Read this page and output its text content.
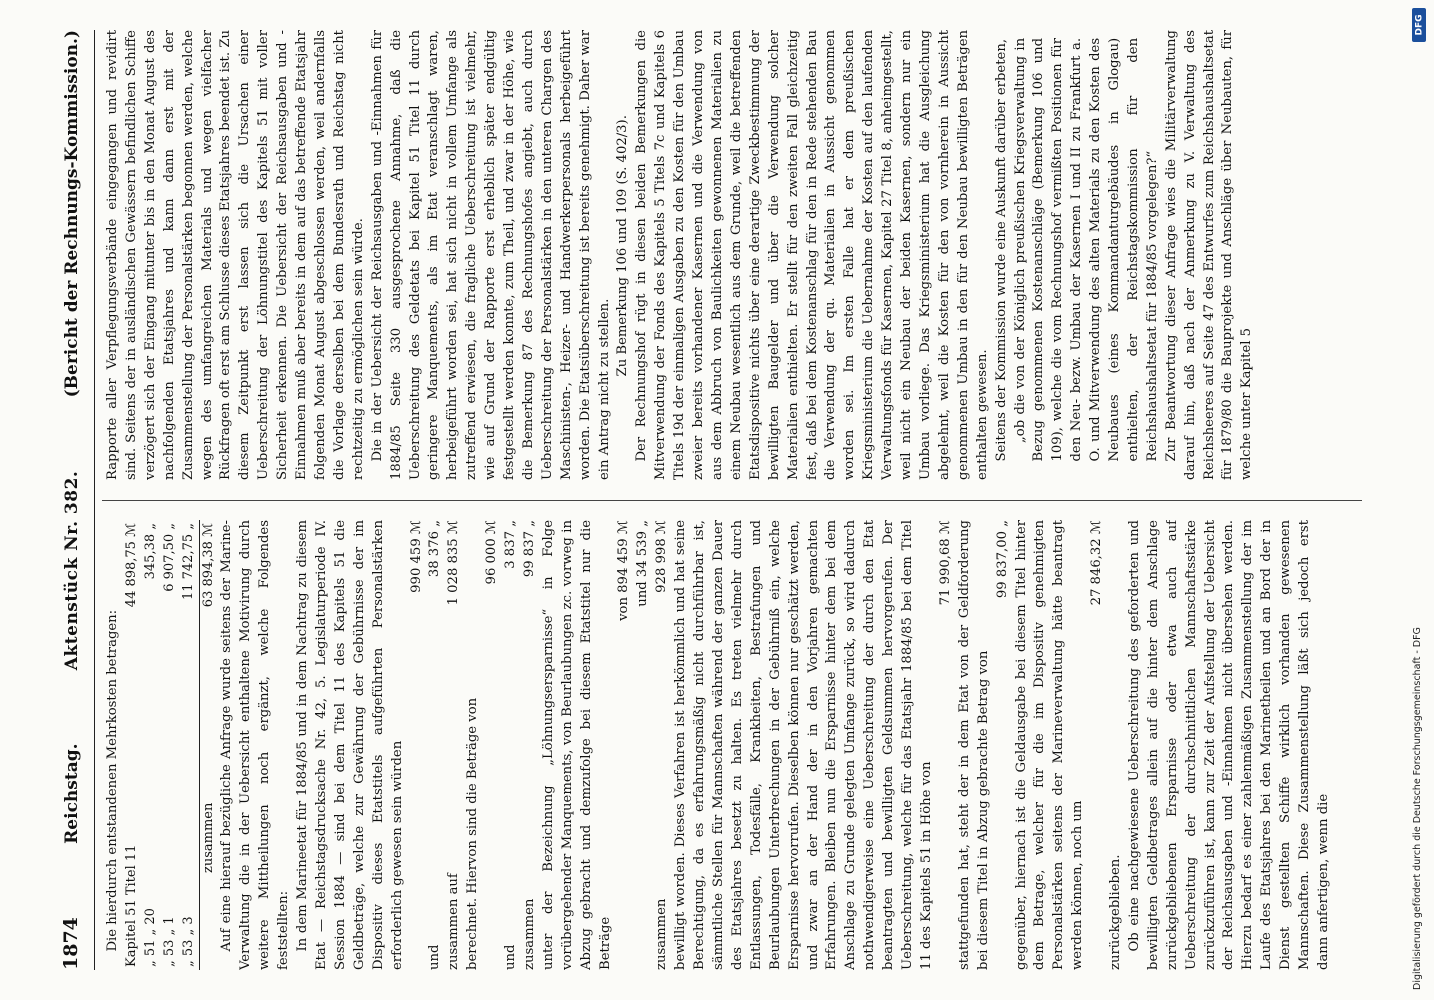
1874
Reichstag.
Aktenstück Nr. 382.
(Bericht der Rechnungs-Kommission.)

Die hierdurch entstandenen Mehrkosten betragen: Kapitel 51 Titel 11	44 898,75 ℳ
„ 51 „ 20	345,38 „
„ 53 „ 1	6 907,50 „
„ 53 „ 3	11 742,75 „
zusammen	63 894,38 ℳ Auf eine hierauf bezügliche Anfrage wurde seitens der Marine-Verwaltung die in der Uebersicht enthaltene Motivirung durch weitere Mittheilungen noch ergänzt, welche Folgendes feststellten: In dem Marineetat für 1884/85 und in dem Nachtrag zu diesem Etat — Reichstagsdrucksache Nr. 42, 5. Legislaturperiode IV. Session 1884 — sind bei dem Titel 11 des Kapitels 51 die Geldbeträge, welche zur Gewährung der Gebührnisse der im Dispositiv dieses Etatstitels aufgeführten Personalstärken erforderlich gewesen sein würden

990 459 ℳ
und
38 376 „
zusammen auf
1 028 835 ℳ

berechnet. Hiervon sind die Beträge von

96 000 ℳ
und
3 837 „
zusammen
99 837 „ unter der Bezeichnung „Löhnungsersparnisse“ in Folge vorübergehender Manquements, von Beurlaubungen zc. vorweg in Abzug gebracht und demzufolge bei diesem Etatstitel nur die Beträge

von 894 459 ℳ und 34 539 „
zusammen
928 998 ℳ bewilligt worden. Dieses Verfahren ist herkömmlich und hat seine Berechtigung, da es erfahrungsmäßig nicht durchführbar ist, sämmtliche Stellen für Mannschaften während der ganzen Dauer des Etatsjahres besetzt zu halten. Es treten vielmehr durch Entlassungen, Todesfälle, Krankheiten, Bestrafungen und Beurlaubungen Unterbrechungen in der Gebührniß ein, welche Ersparnisse hervorrufen. Dieselben können nur geschätzt werden, und zwar an der Hand der in den Vorjahren gemachten Erfahrungen. Bleiben nun die Ersparnisse hinter dem bei dem Anschlage zu Grunde gelegten Umfange zurück, so wird dadurch nothwendigerweise eine Ueberschreitung der durch den Etat beantragten und bewilligten Geldsummen hervorgerufen. Der Ueberschreitung, welche für das Etatsjahr 1884/85 bei dem Titel 11 des Kapitels 51 in Höhe von

71 990,68 ℳ stattgefunden hat, steht der in dem Etat von der Geldforderung bei diesem Titel in Abzug gebrachte Betrag von

99 837,00 „ gegenüber, hiernach ist die Geldausgabe bei diesem Titel hinter dem Betrage, welcher für die im Dispositiv genehmigten Personalstärken seitens der Marineverwaltung hätte beantragt werden können, noch um

27 846,32 ℳ

zurückgeblieben. Ob eine nachgewiesene Ueberschreitung des geforderten und bewilligten Geldbetrages allein auf die hinter dem Anschlage zurückgebliebenen Ersparnisse oder etwa auch auf Ueberschreitung der durchschnittlichen Mannschaftsstärke zurückzuführen ist, kann zur Zeit der Aufstellung der Uebersicht der Reichsausgaben und -Einnahmen nicht übersehen werden. Hierzu bedarf es einer zahlenmäßigen Zusammenstellung der im Laufe des Etatsjahres bei den Marinetheilen und an Bord der in Dienst gestellten Schiffe wirklich vorhanden gewesenen Mannschaften. Diese Zusammenstellung läßt sich jedoch erst dann anfertigen, wenn die

Rapporte aller Verpflegungsverbände eingegangen und revidirt sind. Seitens der in ausländischen Gewässern befindlichen Schiffe verzögert sich der Eingang mitunter bis in den Monat August des nachfolgenden Etatsjahres und kann dann erst mit der Zusammenstellung der Personalstärken begonnen werden, welche wegen des umfangreichen Materials und wegen vielfacher Rückfragen oft erst am Schlusse dieses Etatsjahres beendet ist. Zu diesem Zeitpunkt erst lassen sich die Ursachen einer Ueberschreitung der Löhnungstitel des Kapitels 51 mit voller Sicherheit erkennen. Die Uebersicht der Reichsausgaben und -Einnahmen muß aber bereits in dem auf das betreffende Etatsjahr folgenden Monat August abgeschlossen werden, weil andernfalls die Vorlage derselben bei dem Bundesrath und Reichstag nicht rechtzeitig zu ermöglichen sein würde. Die in der Uebersicht der Reichsausgaben und -Einnahmen für 1884/85 Seite 330 ausgesprochene Annahme, daß die Ueberschreitung des Geldetats bei Kapitel 51 Titel 11 durch geringere Manquements, als im Etat veranschlagt waren, herbeigeführt worden sei, hat sich nicht in vollem Umfange als zutreffend erwiesen, die fragliche Ueberschreitung ist vielmehr, wie auf Grund der Rapporte erst erheblich später endgültig festgestellt werden konnte, zum Theil, und zwar in der Höhe, wie die Bemerkung 87 des Rechnungshofes angiebt, auch durch Ueberschreitung der Personalstärken in den unteren Chargen des Maschinisten-, Heizer- und Handwerkerpersonals herbeigeführt worden. Die Etatsüberschreitung ist bereits genehmigt. Daher war ein Antrag nicht zu stellen.

Zu Bemerkung 106 und 109 (S. 402/3). Der Rechnungshof rügt in diesen beiden Bemerkungen die Mitverwendung der Fonds des Kapitels 5 Titels 7c und Kapitels 6 Titels 19d der einmaligen Ausgaben zu den Kosten für den Umbau zweier bereits vorhandener Kasernen und die Verwendung von aus dem Abbruch von Baulichkeiten gewonnenen Materialien zu einem Neubau wesentlich aus dem Grunde, weil die betreffenden Etatsdispositive nichts über eine derartige Zweckbestimmung der bewilligten Baugelder und über die Verwendung solcher Materialien enthielten. Er stellt für den zweiten Fall gleichzeitig fest, daß bei dem Kostenanschlag für den in Rede stehenden Bau die Verwendung der qu. Materialien in Aussicht genommen worden sei. Im ersten Falle hat er dem preußischen Kriegsministerium die Uebernahme der Kosten auf den laufenden Verwaltungsfonds für Kasernen, Kapitel 27 Titel 8, anheimgestellt, weil nicht ein Neubau der beiden Kasernen, sondern nur ein Umbau vorliege. Das Kriegsministerium hat die Ausgleichung abgelehnt, weil die Kosten für den von vornherein in Aussicht genommenen Umbau in den für den Neubau bewilligten Beträgen enthalten gewesen. Seitens der Kommission wurde eine Auskunft darüber erbeten, „ob die von der Königlich preußischen Kriegsverwaltung in Bezug genommenen Kostenanschläge (Bemerkung 106 und 109), welche die vom Rechnungshof vermißten Positionen für den Neu- bezw. Umbau der Kasernen I und II zu Frankfurt a. O. und Mitverwendung des alten Materials zu den Kosten des Neubaues (eines Kommandanturgebäudes in Glogau) enthielten, der Reichstagskommission für den Reichshaushaltsetat für 1884/85 vorgelegen?“ Zur Beantwortung dieser Anfrage wies die Militärverwaltung darauf hin, daß nach der Anmerkung zu V. Verwaltung des Reichsheeres auf Seite 47 des Entwurfes zum Reichshaushaltsetat für 1879/80 die Bauprojekte und Anschläge über Neubauten, für welche unter Kapitel 5

Digitalisierung gefördert durch die Deutsche Forschungsgemeinschaft - DFG
DFG
